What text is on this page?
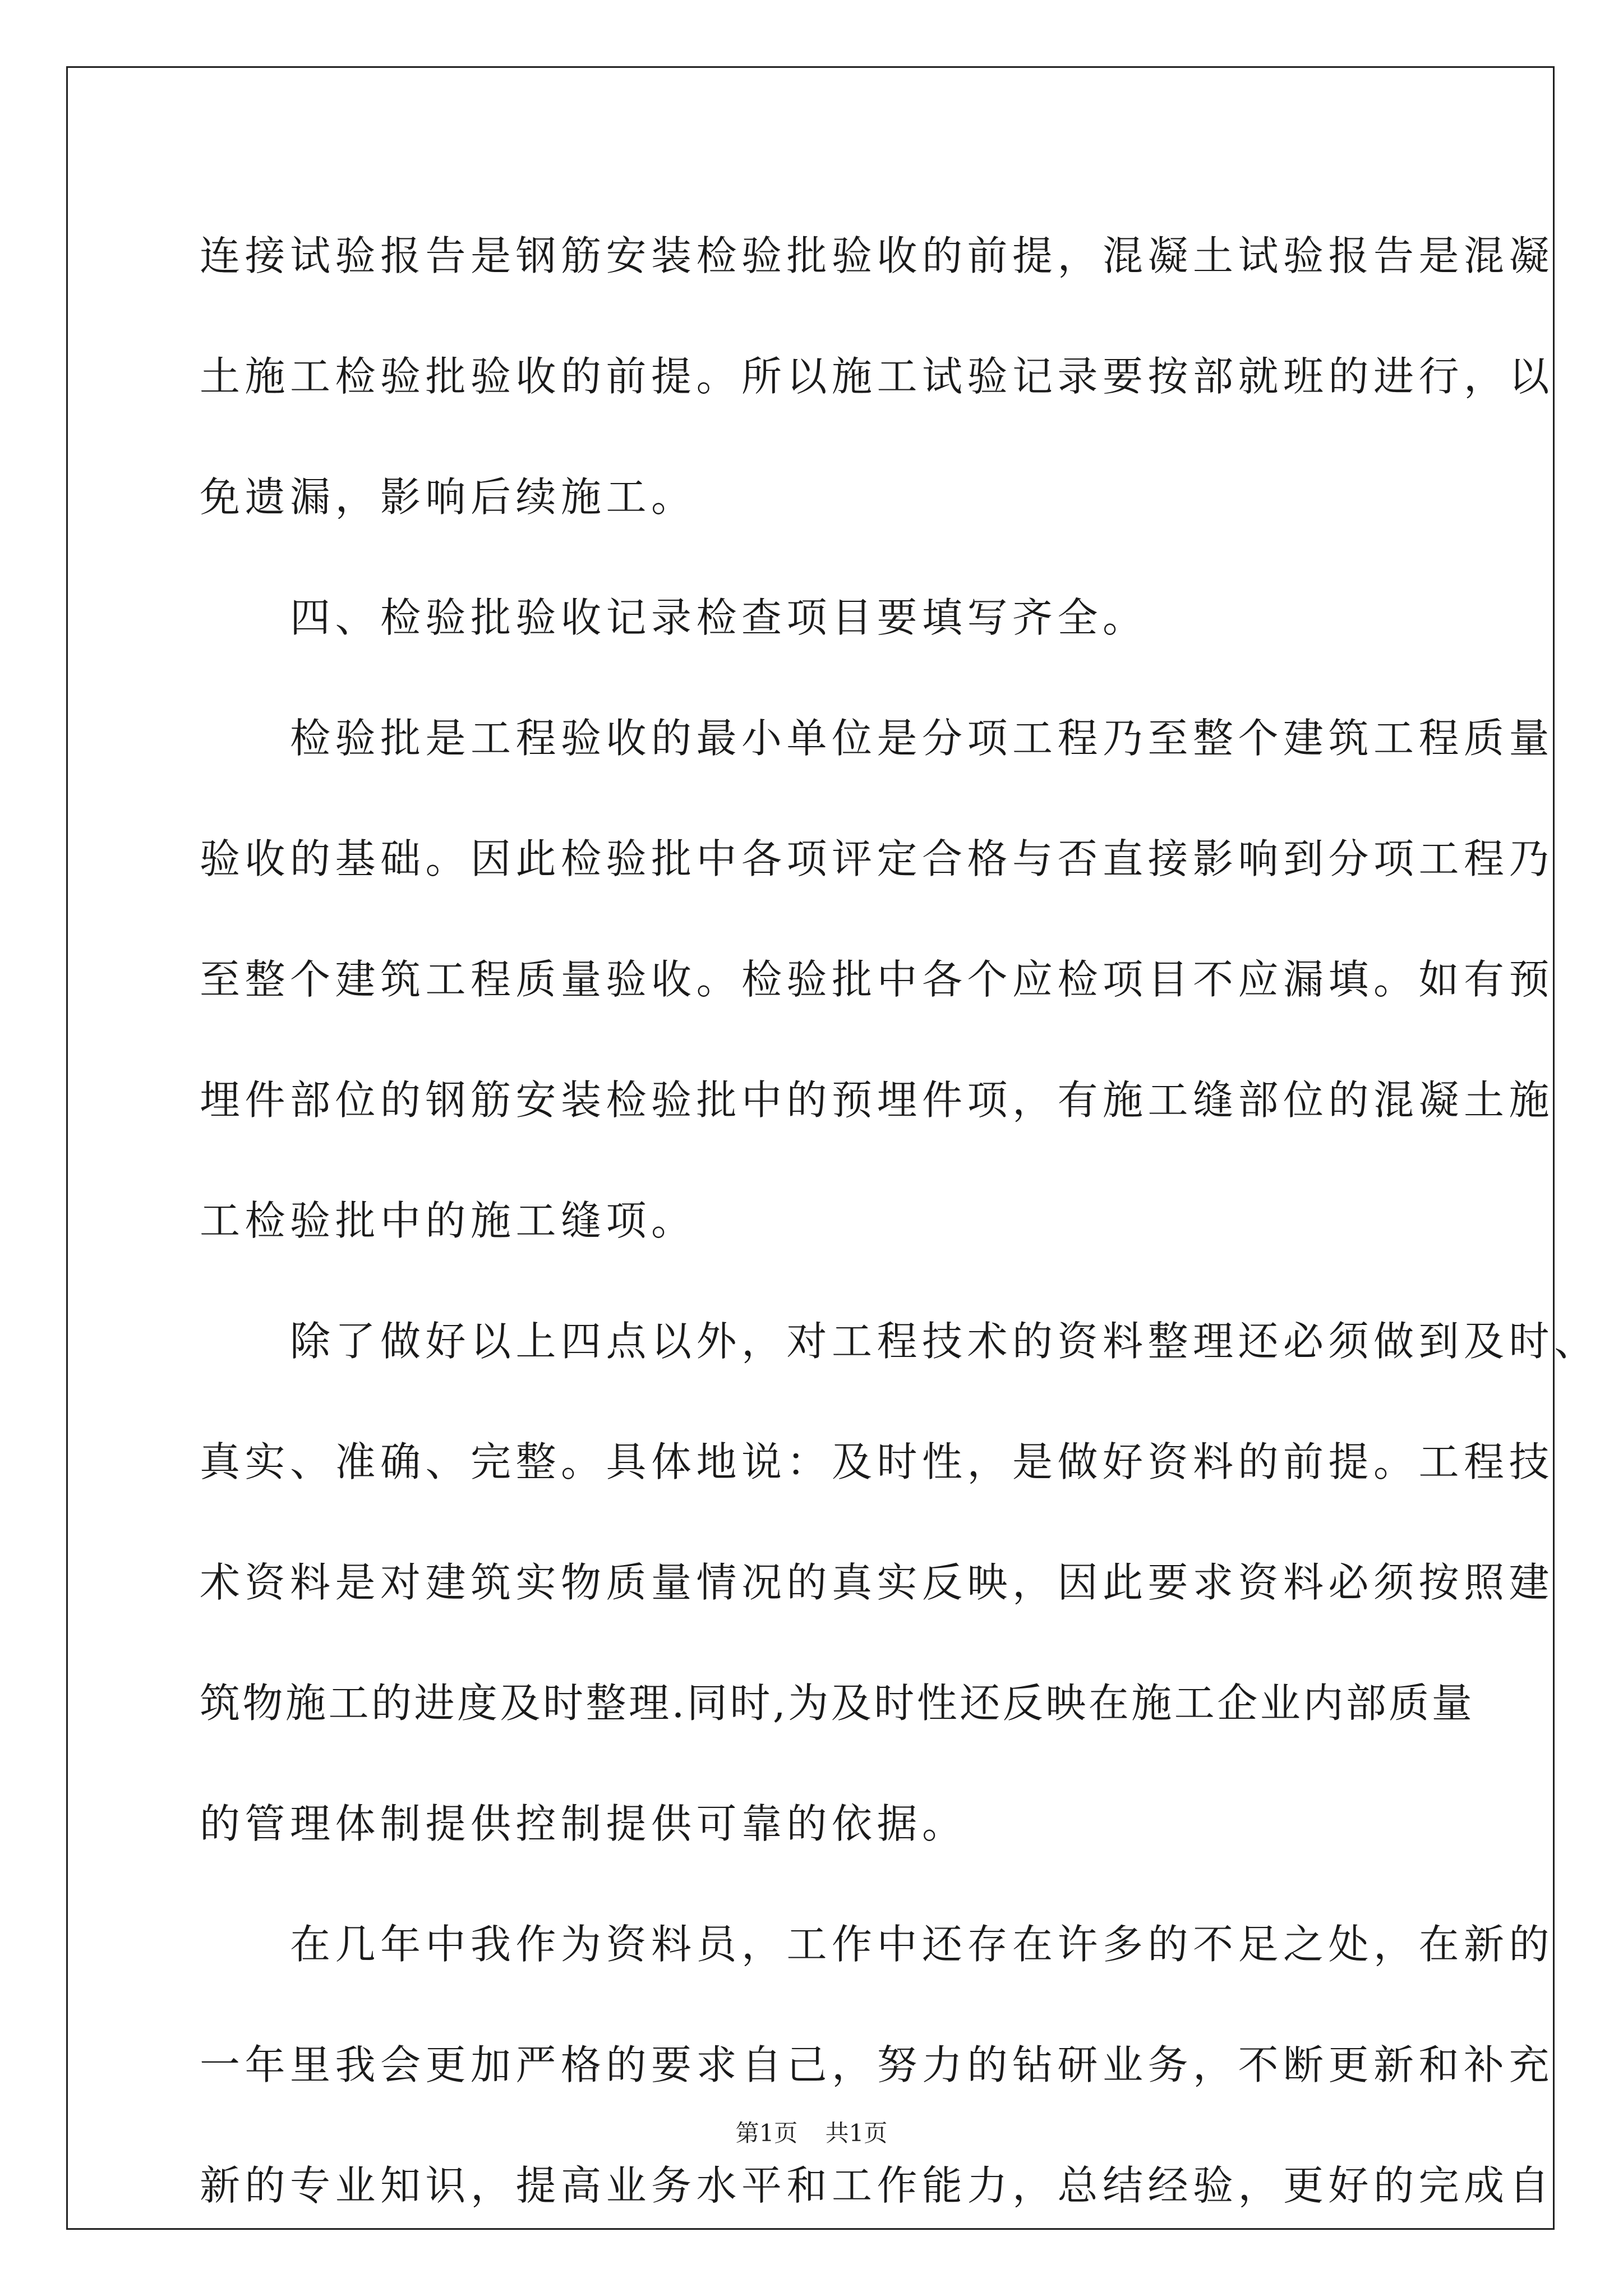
连接试验报告是钢筋安装检验批验收的前提，混凝土试验报告是混凝
土施工检验批验收的前提。所以施工试验记录要按部就班的进行，以
免遗漏，影响后续施工。
　　四、检验批验收记录检查项目要填写齐全。
　　检验批是工程验收的最小单位是分项工程乃至整个建筑工程质量
验收的基础。因此检验批中各项评定合格与否直接影响到分项工程乃
至整个建筑工程质量验收。检验批中各个应检项目不应漏填。如有预
埋件部位的钢筋安装检验批中的预埋件项，有施工缝部位的混凝土施
工检验批中的施工缝项。
　　除了做好以上四点以外，对工程技术的资料整理还必须做到及时、
真实、准确、完整。具体地说：及时性，是做好资料的前提。工程技
术资料是对建筑实物质量情况的真实反映，因此要求资料必须按照建
筑物施工的进度及时整理.同时,为及时性还反映在施工企业内部质量
的管理体制提供控制提供可靠的依据。
　　在几年中我作为资料员，工作中还存在许多的不足之处，在新的
一年里我会更加严格的要求自己，努力的钻研业务，不断更新和补充
新的专业知识，提高业务水平和工作能力，总结经验，更好的完成自
第1页 共1页
